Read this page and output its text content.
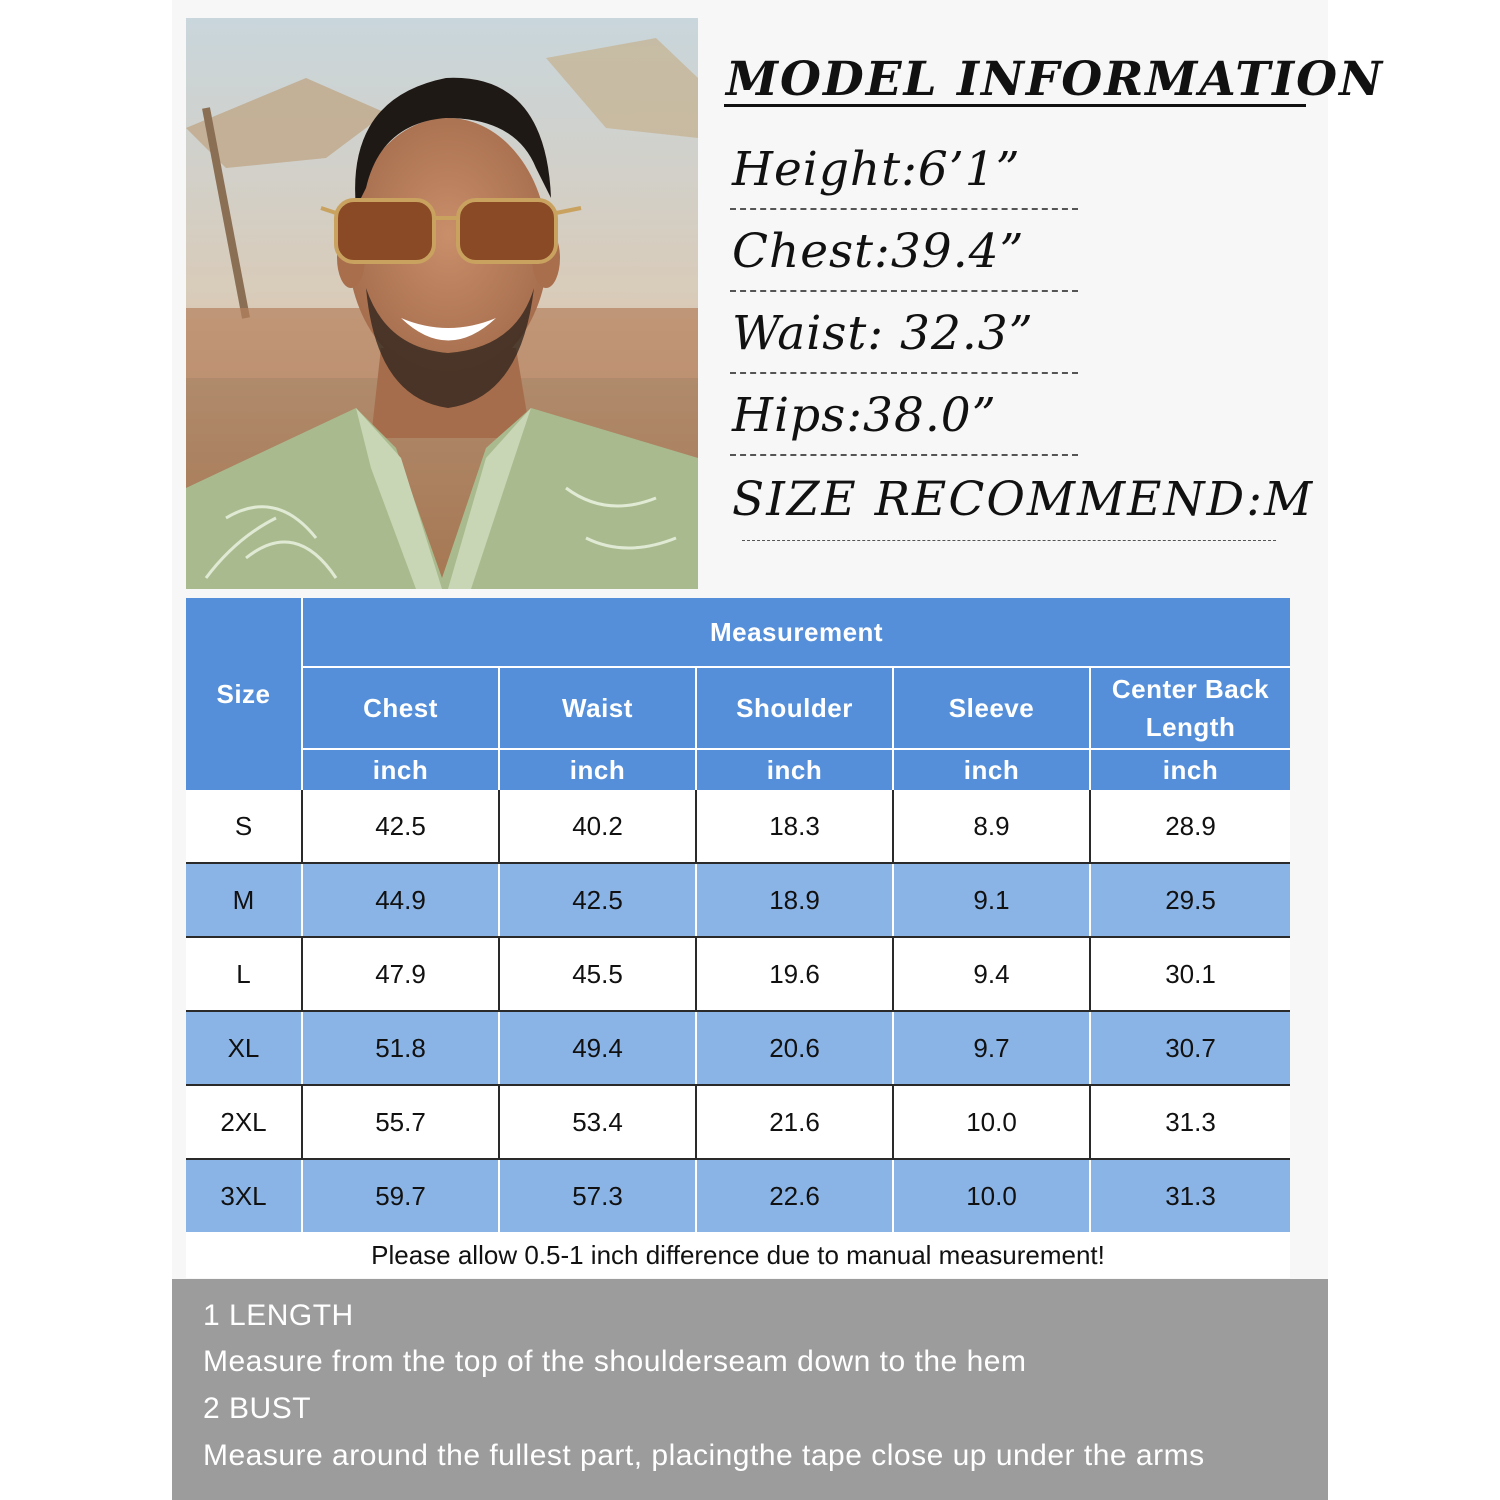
MODEL INFORMATION
Height:6’1”
Chest:39.4”
Waist: 32.3”
Hips:38.0”
SIZE RECOMMEND:M
Size	Measurement				
	Chest	Waist	Shoulder	Sleeve	Center Back Length
	inch	inch	inch	inch	inch
S	42.5	40.2	18.3	8.9	28.9
M	44.9	42.5	18.9	9.1	29.5
L	47.9	45.5	19.6	9.4	30.1
XL	51.8	49.4	20.6	9.7	30.7
2XL	55.7	53.4	21.6	10.0	31.3
3XL	59.7	57.3	22.6	10.0	31.3
Please allow 0.5-1 inch difference due to manual measurement!
1 LENGTH
Measure from the top of the shoulderseam down to the hem
2 BUST
Measure around the fullest part, placingthe tape close up under the arms
